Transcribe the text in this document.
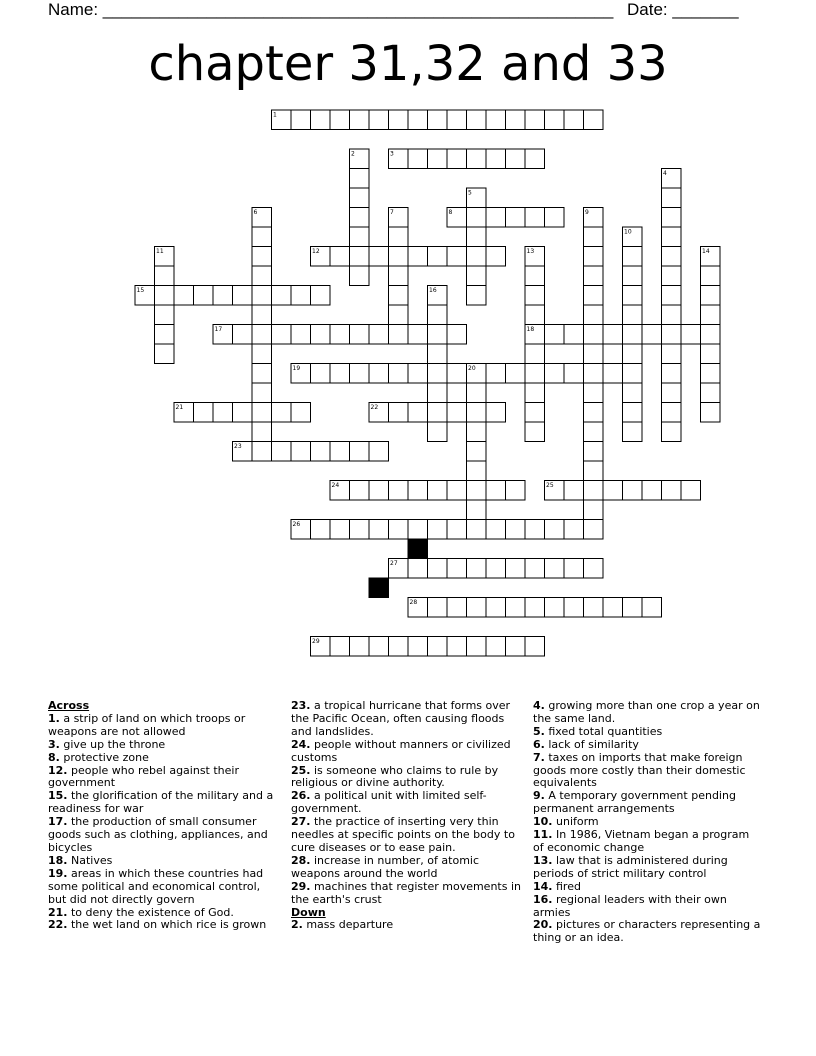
Name: ______________________________________________________ Date: _______
chapter 31,32 and 33
1
3
8
12
15
17	18
19	20
21	22
23
24	25
26
27
28
29
2
4
5
6	7	9
10
11	13	14
16
Across
1. a strip of land on which troops or weapons are not allowed
3. give up the throne
8. protective zone
12. people who rebel against their government
15. the glorification of the military and a readiness for war
17. the production of small consumer goods such as clothing, appliances, and bicycles
18. Natives
19. areas in which these countries had some political and economical control, but did not directly govern
21. to deny the existence of God.
22. the wet land on which rice is grown
23. a tropical hurricane that forms over the Pacific Ocean, often causing floods and landslides.
24. people without manners or civilized customs
25. is someone who claims to rule by religious or divine authority.
26. a political unit with limited self-government.
27. the practice of inserting very thin needles at specific points on the body to cure diseases or to ease pain.
28. increase in number, of atomic weapons around the world
29. machines that register movements in the earth's crust
Down
2. mass departure
4. growing more than one crop a year on the same land.
5. fixed total quantities
6. lack of similarity
7. taxes on imports that make foreign goods more costly than their domestic equivalents
9. A temporary government pending permanent arrangements
10. uniform
11. In 1986, Vietnam began a program of economic change
13. law that is administered during periods of strict military control
14. fired
16. regional leaders with their own armies
20. pictures or characters representing a thing or an idea.
